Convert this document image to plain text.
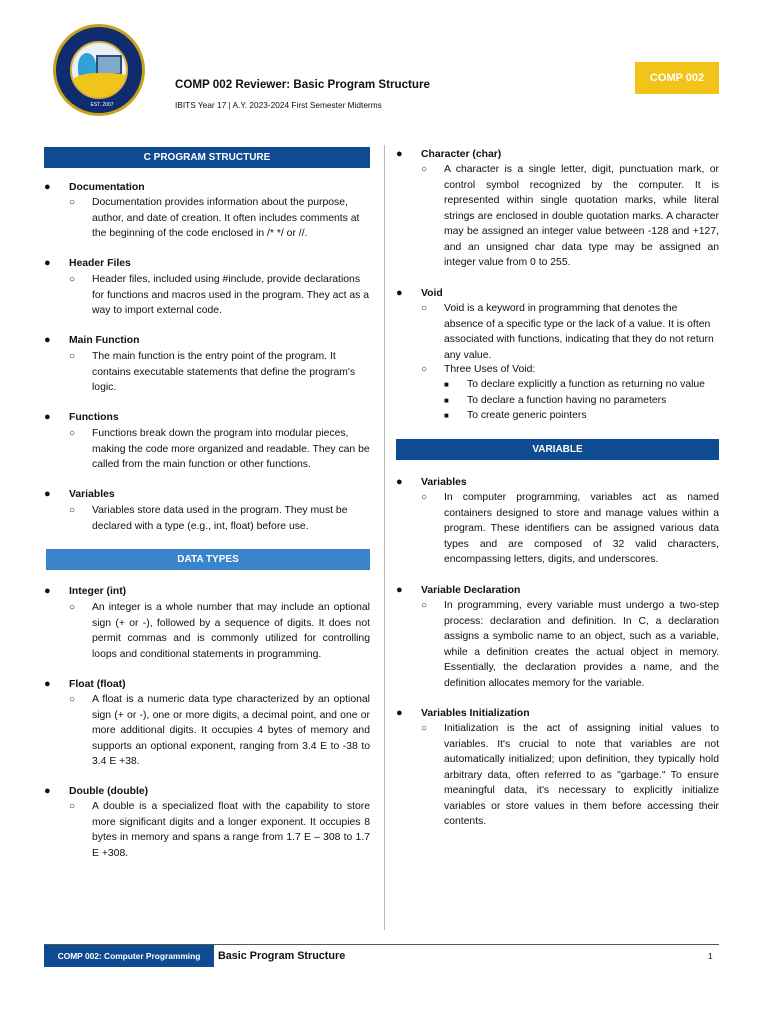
EST. 2007
COMP 002 Reviewer: Basic Program Structure
IBITS Year 17 | A.Y. 2023-2024 First Semester Midterms
COMP 002
C PROGRAM STRUCTURE
● Documentation
○ Documentation provides information about the purpose, author, and date of creation. It often includes comments at the beginning of the code enclosed in /* */ or //.
● Header Files
○ Header files, included using #include, provide declarations for functions and macros used in the program. They act as a way to import external code.
● Main Function
○ The main function is the entry point of the program. It contains executable statements that define the program's logic.
● Functions
○ Functions break down the program into modular pieces, making the code more organized and readable. They can be called from the main function or other functions.
● Variables
○ Variables store data used in the program. They must be declared with a type (e.g., int, float) before use.
DATA TYPES
● Integer (int)
○ An integer is a whole number that may include an optional sign (+ or -), followed by a sequence of digits. It does not permit commas and is commonly utilized for controlling loops and conditional statements in programming.
● Float (float)
○ A float is a numeric data type characterized by an optional sign (+ or -), one or more digits, a decimal point, and one or more additional digits. It occupies 4 bytes of memory and supports an optional exponent, ranging from 3.4 E to -38 to 3.4 E +38.
● Double (double)
○ A double is a specialized float with the capability to store more significant digits and a longer exponent. It occupies 8 bytes in memory and spans a range from 1.7 E – 308 to 1.7 E +308.
● Character (char)
○ A character is a single letter, digit, punctuation mark, or control symbol recognized by the computer. It is represented within single quotation marks, while literal strings are enclosed in double quotation marks. A character may be assigned an integer value between -128 and +127, and an unsigned char data type may be assigned an integer value from 0 to 255.
● Void
○ Void is a keyword in programming that denotes the absence of a specific type or the lack of a value. It is often associated with functions, indicating that they do not return any value.
○ Three Uses of Void:
■ To declare explicitly a function as returning no value
■ To declare a function having no parameters
■ To create generic pointers
VARIABLE
● Variables
○ In computer programming, variables act as named containers designed to store and manage values within a program. These identifiers can be assigned various data types and are composed of 32 valid characters, encompassing letters, digits, and underscores.
● Variable Declaration
○ In programming, every variable must undergo a two-step process: declaration and definition. In C, a declaration assigns a symbolic name to an object, such as a variable, while a definition creates the actual object in memory. Essentially, the declaration provides a name, and the definition allocates memory for the variable.
● Variables Initialization
○ Initialization is the act of assigning initial values to variables. It's crucial to note that variables are not automatically initialized; upon definition, they typically hold arbitrary data, often referred to as "garbage." To ensure meaningful data, it's necessary to explicitly initialize variables or store values in them before accessing their contents.
COMP 002: Computer Programming	Basic Program Structure	1
